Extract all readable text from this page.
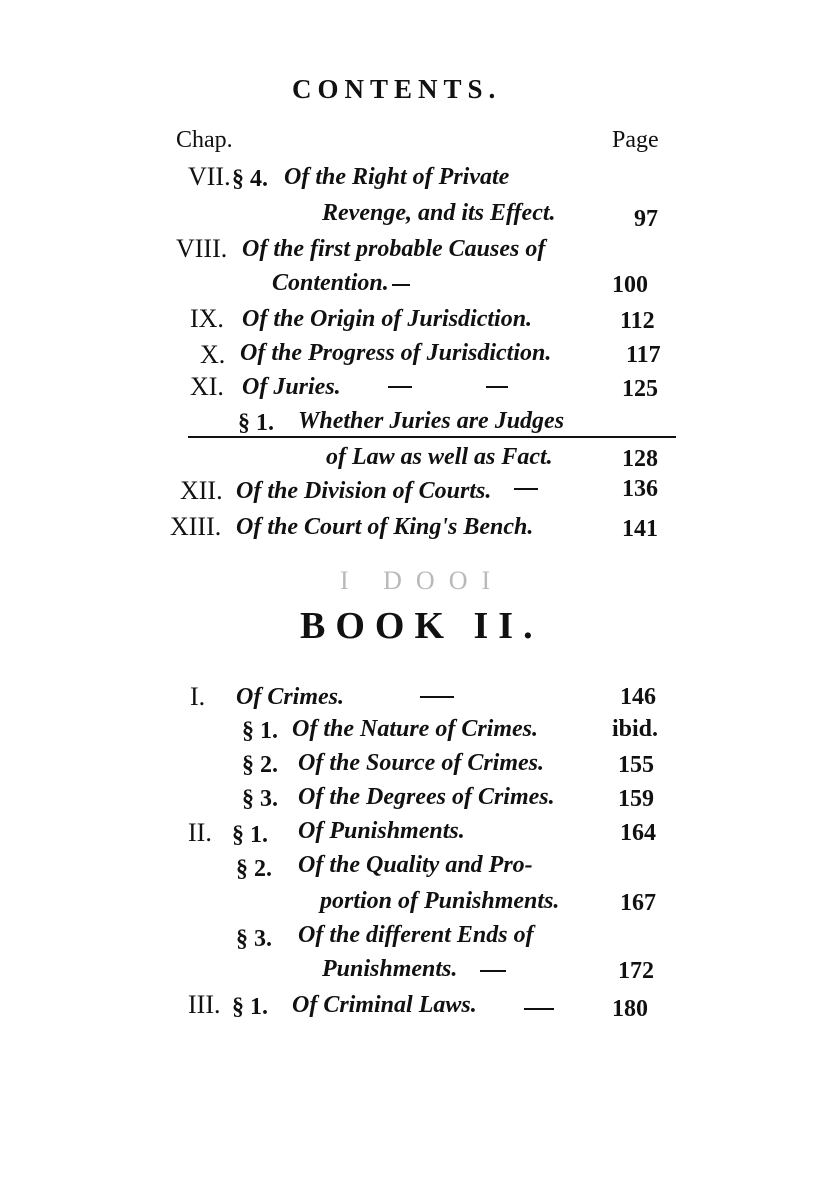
CONTENTS.
Chap.	Page
VII. § 4. Of the Right of Private
Revenge, and its Effect.	97
VIII. Of the first probable Causes of
Contention.	100
IX. Of the Origin of Jurisdiction.	112
X. Of the Progress of Jurisdiction.	117
XI. Of Juries.	125
§ 1. Whether Juries are Judges
of Law as well as Fact.	128
XII. Of the Division of Courts.	136
XIII. Of the Court of King's Bench.	141
I DOOI
BOOK II.
I. Of Crimes.	146
§ 1. Of the Nature of Crimes.	ibid.
§ 2. Of the Source of Crimes.	155
§ 3. Of the Degrees of Crimes.	159
II. § 1. Of Punishments.	164
§ 2. Of the Quality and Pro-
portion of Punishments.	167
§ 3. Of the different Ends of
Punishments.	172
III. § 1. Of Criminal Laws.	180
